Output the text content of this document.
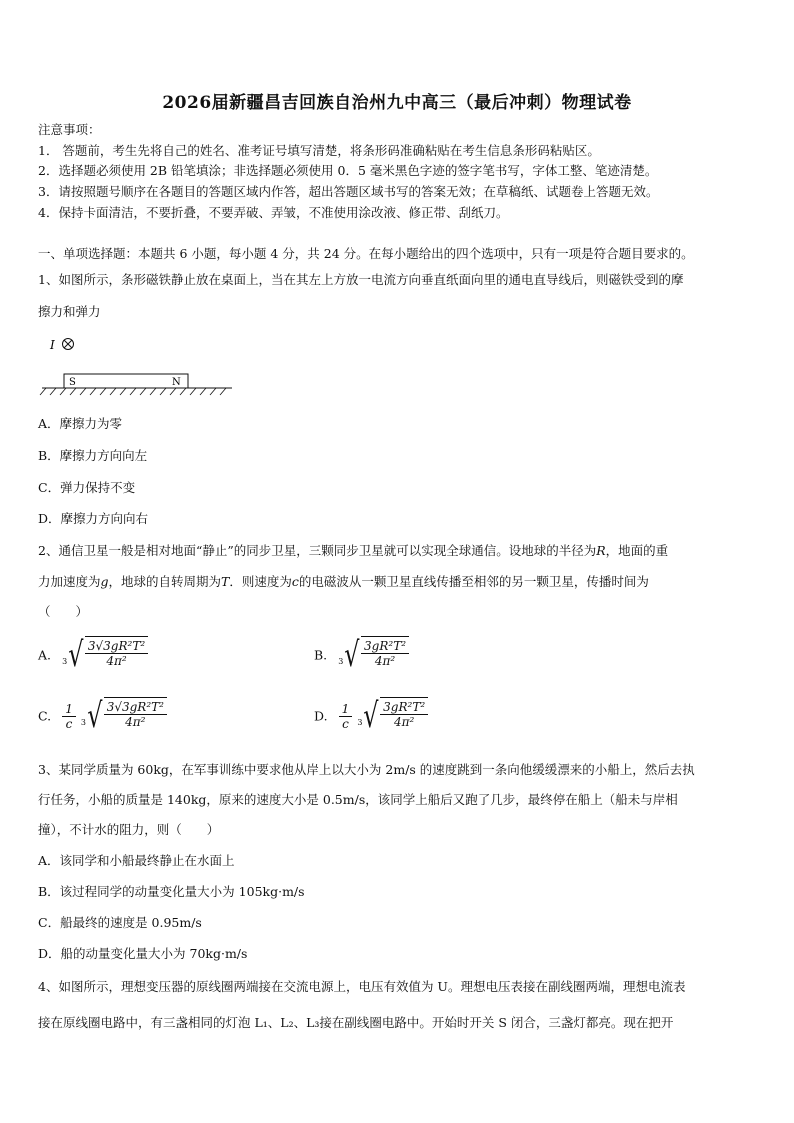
2026届新疆昌吉回族自治州九中高三（最后冲刺）物理试卷
注意事项：
1． 答题前，考生先将自己的姓名、准考证号填写清楚，将条形码准确粘贴在考生信息条形码粘贴区。
2．选择题必须使用 2B 铅笔填涂；非选择题必须使用 0．5 毫米黑色字迹的签字笔书写，字体工整、笔迹清楚。
3．请按照题号顺序在各题目的答题区域内作答，超出答题区域书写的答案无效；在草稿纸、试题卷上答题无效。
4．保持卡面清洁，不要折叠，不要弄破、弄皱，不准使用涂改液、修正带、刮纸刀。
一、单项选择题：本题共 6 小题，每小题 4 分，共 24 分。在每小题给出的四个选项中，只有一项是符合题目要求的。
1、如图所示，条形磁铁静止放在桌面上，当在其左上方放一电流方向垂直纸面向里的通电直导线后，则磁铁受到的摩
擦力和弹力
I
S	N
A．摩擦力为零
B．摩擦力方向向左
C．弹力保持不变
D．摩擦力方向向右
2、通信卫星一般是相对地面“静止”的同步卫星，三颗同步卫星就可以实现全球通信。设地球的半径为R，地面的重
力加速度为g，地球的自转周期为T．则速度为c的电磁波从一颗卫星直线传播至相邻的另一颗卫星，传播时间为
（　　）
A. 3 √ $\frac{\text{3√3gR²T²}}{\text{4π²}}$	B. 3 √ $\frac{\text{3gR²T²}}{\text{4π²}}$
C. $\frac{1}{c}$
3 √ $\frac{\text{3√3gR²T²}}{\text{4π²}}$	D. $\frac{1}{c}$
3 √ $\frac{\text{3gR²T²}}{\text{4π²}}$
3、某同学质量为 60kg，在军事训练中要求他从岸上以大小为 2m/s 的速度跳到一条向他缓缓漂来的小船上，然后去执
行任务，小船的质量是 140kg，原来的速度大小是 0.5m/s，该同学上船后又跑了几步，最终停在船上（船未与岸相
撞），不计水的阻力，则（　　）
A．该同学和小船最终静止在水面上
B．该过程同学的动量变化量大小为 105kg·m/s
C．船最终的速度是 0.95m/s
D．船的动量变化量大小为 70kg·m/s
4、如图所示，理想变压器的原线圈两端接在交流电源上，电压有效值为 U。理想电压表接在副线圈两端，理想电流表
接在原线圈电路中，有三盏相同的灯泡 L₁、L₂、L₃接在副线圈电路中。开始时开关 S 闭合，三盏灯都亮。现在把开
